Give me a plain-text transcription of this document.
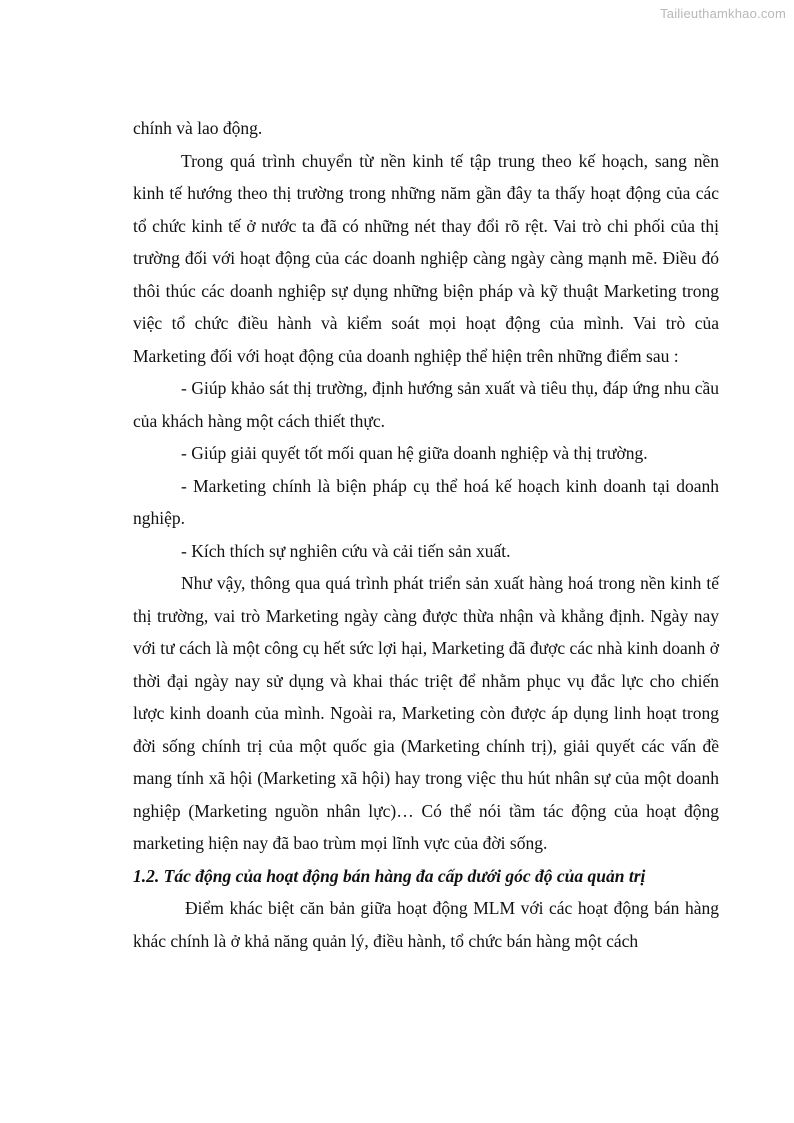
Tailieuthamkhao.com

chính và lao động.

Trong quá trình chuyển từ nền kinh tế tập trung theo kế hoạch, sang nền kinh tế hướng theo thị trường trong những năm gần đây ta thấy hoạt động của các tổ chức kinh tế ở nước ta đã có những nét thay đổi rõ rệt. Vai trò chi phối của thị trường đối với hoạt động của các doanh nghiệp càng ngày càng mạnh mẽ. Điều đó thôi thúc các doanh nghiệp sự dụng những biện pháp và kỹ thuật Marketing trong việc tổ chức điều hành và kiểm soát mọi hoạt động của mình. Vai trò của Marketing đối với hoạt động của doanh nghiệp thể hiện trên những điểm sau :

- Giúp khảo sát thị trường, định hướng sản xuất và tiêu thụ, đáp ứng nhu cầu của khách hàng một cách thiết thực.

- Giúp giải quyết tốt mối quan hệ giữa doanh nghiệp và thị trường.

- Marketing chính là biện pháp cụ thể hoá kế hoạch kinh doanh tại doanh nghiệp.

- Kích thích sự nghiên cứu và cải tiến sản xuất.

Như vậy, thông qua quá trình phát triển sản xuất hàng hoá trong nền kinh tế thị trường, vai trò Marketing ngày càng được thừa nhận và khẳng định. Ngày nay với tư cách là một công cụ hết sức lợi hại, Marketing đã được các nhà kinh doanh ở thời đại ngày nay sử dụng và khai thác triệt để nhằm phục vụ đắc lực cho chiến lược kinh doanh của mình. Ngoài ra, Marketing còn được áp dụng linh hoạt trong đời sống chính trị của một quốc gia (Marketing chính trị), giải quyết các vấn đề mang tính xã hội (Marketing xã hội) hay trong việc thu hút nhân sự của một doanh nghiệp (Marketing nguồn nhân lực)… Có thể nói tầm tác động của hoạt động marketing hiện nay đã bao trùm mọi lĩnh vực của đời sống.

1.2. Tác động của hoạt động bán hàng đa cấp dưới góc độ của quản trị

Điểm khác biệt căn bản giữa hoạt động MLM với các hoạt động bán hàng khác chính là ở khả năng quản lý, điều hành, tổ chức bán hàng một cách
